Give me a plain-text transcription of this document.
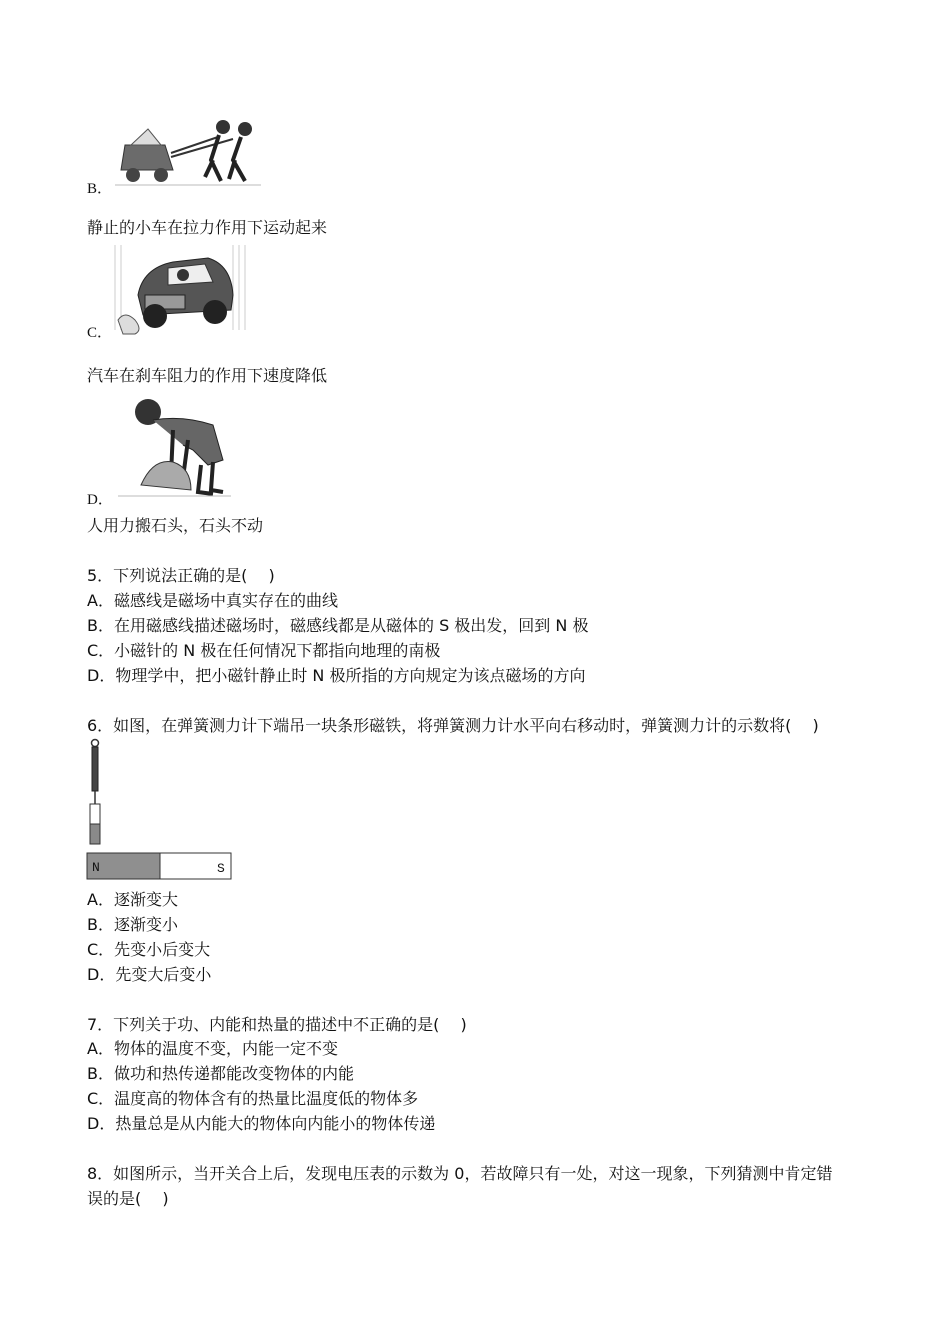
B．
静止的小车在拉力作用下运动起来
C．
汽车在刹车阻力的作用下速度降低
D．
人用力搬石头，石头不动
5．下列说法正确的是(　 )
A．磁感线是磁场中真实存在的曲线
B．在用磁感线描述磁场时，磁感线都是从磁体的 S 极出发，回到 N 极
C．小磁针的 N 极在任何情况下都指向地理的南极
D．物理学中，把小磁针静止时 N 极所指的方向规定为该点磁场的方向
6．如图，在弹簧测力计下端吊一块条形磁铁，将弹簧测力计水平向右移动时，弹簧测力计的示数将(　 )
N	S
A．逐渐变大
B．逐渐变小
C．先变小后变大
D．先变大后变小
7．下列关于功、内能和热量的描述中不正确的是(　 )
A．物体的温度不变，内能一定不变
B．做功和热传递都能改变物体的内能
C．温度高的物体含有的热量比温度低的物体多
D．热量总是从内能大的物体向内能小的物体传递
8．如图所示，当开关合上后，发现电压表的示数为 0，若故障只有一处，对这一现象，下列猜测中肯定错
误的是(　 )
